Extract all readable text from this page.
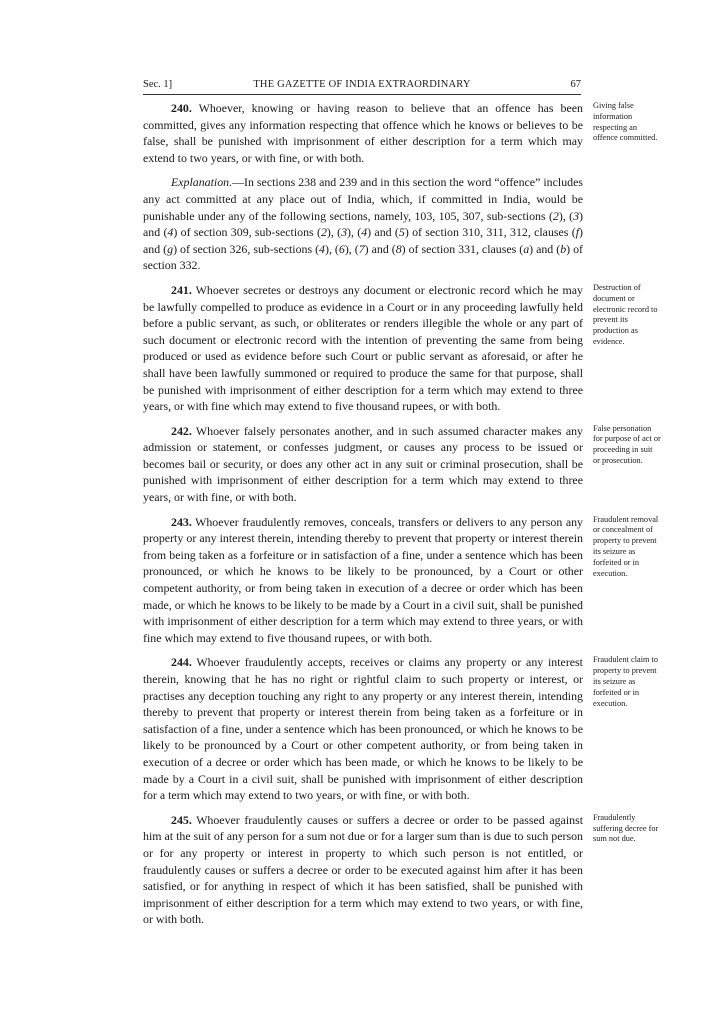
Sec. 1]	THE GAZETTE OF INDIA EXTRAORDINARY	67

240. Whoever, knowing or having reason to believe that an offence has been committed, gives any information respecting that offence which he knows or believes to be false, shall be punished with imprisonment of either description for a term which may extend to two years, or with fine, or with both.

Giving false information respecting an offence committed.

Explanation.—In sections 238 and 239 and in this section the word “offence” includes any act committed at any place out of India, which, if committed in India, would be punishable under any of the following sections, namely, 103, 105, 307, sub-sections (2), (3) and (4) of section 309, sub-sections (2), (3), (4) and (5) of section 310, 311, 312, clauses (f) and (g) of section 326, sub-sections (4), (6), (7) and (8) of section 331, clauses (a) and (b) of section 332.

241. Whoever secretes or destroys any document or electronic record which he may be lawfully compelled to produce as evidence in a Court or in any proceeding lawfully held before a public servant, as such, or obliterates or renders illegible the whole or any part of such document or electronic record with the intention of preventing the same from being produced or used as evidence before such Court or public servant as aforesaid, or after he shall have been lawfully summoned or required to produce the same for that purpose, shall be punished with imprisonment of either description for a term which may extend to three years, or with fine which may extend to five thousand rupees, or with both.

Destruction of document or electronic record to prevent its production as evidence.

242. Whoever falsely personates another, and in such assumed character makes any admission or statement, or confesses judgment, or causes any process to be issued or becomes bail or security, or does any other act in any suit or criminal prosecution, shall be punished with imprisonment of either description for a term which may extend to three years, or with fine, or with both.

False personation for purpose of act or proceeding in suit or prosecution.

243. Whoever fraudulently removes, conceals, transfers or delivers to any person any property or any interest therein, intending thereby to prevent that property or interest therein from being taken as a forfeiture or in satisfaction of a fine, under a sentence which has been pronounced, or which he knows to be likely to be pronounced, by a Court or other competent authority, or from being taken in execution of a decree or order which has been made, or which he knows to be likely to be made by a Court in a civil suit, shall be punished with imprisonment of either description for a term which may extend to three years, or with fine which may extend to five thousand rupees, or with both.

Fraudulent removal or concealment of property to prevent its seizure as forfeited or in execution.

244. Whoever fraudulently accepts, receives or claims any property or any interest therein, knowing that he has no right or rightful claim to such property or interest, or practises any deception touching any right to any property or any interest therein, intending thereby to prevent that property or interest therein from being taken as a forfeiture or in satisfaction of a fine, under a sentence which has been pronounced, or which he knows to be likely to be pronounced by a Court or other competent authority, or from being taken in execution of a decree or order which has been made, or which he knows to be likely to be made by a Court in a civil suit, shall be punished with imprisonment of either description for a term which may extend to two years, or with fine, or with both.

Fraudulent claim to property to prevent its seizure as forfeited or in execution.

245. Whoever fraudulently causes or suffers a decree or order to be passed against him at the suit of any person for a sum not due or for a larger sum than is due to such person or for any property or interest in property to which such person is not entitled, or fraudulently causes or suffers a decree or order to be executed against him after it has been satisfied, or for anything in respect of which it has been satisfied, shall be punished with imprisonment of either description for a term which may extend to two years, or with fine, or with both.

Fraudulently suffering decree for sum not due.
